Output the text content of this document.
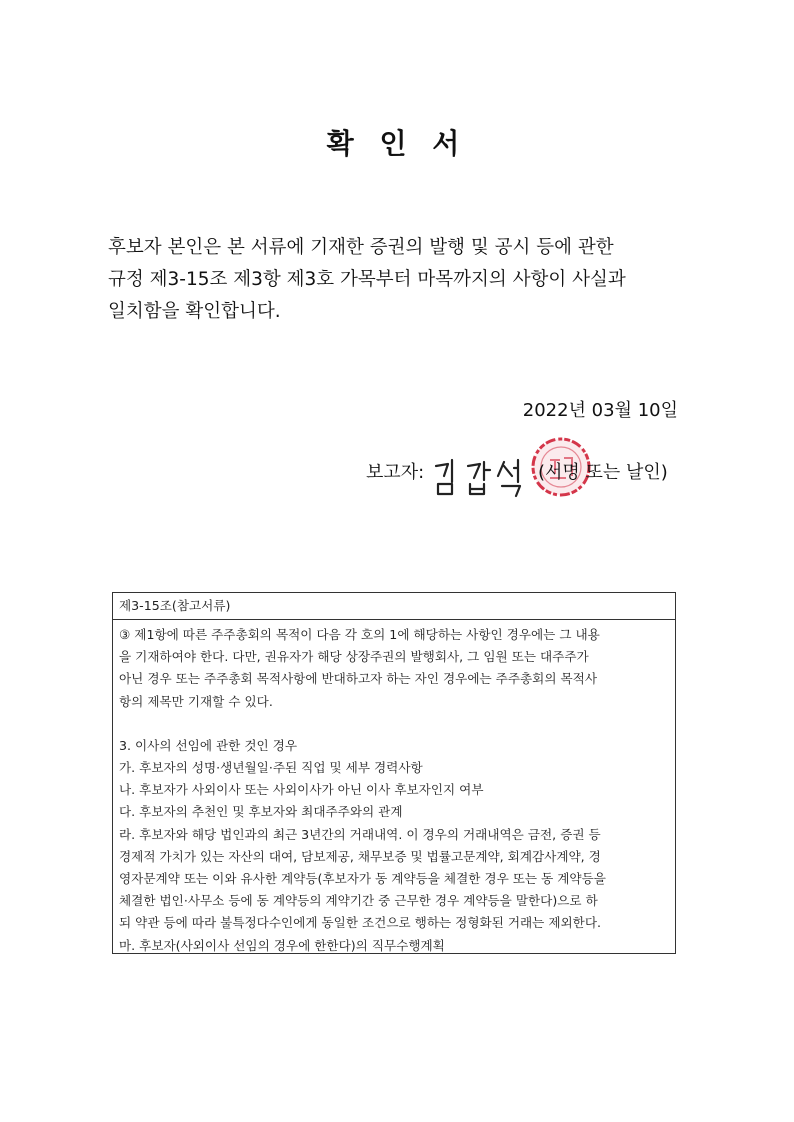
확 인 서
후보자 본인은 본 서류에 기재한 증권의 발행 및 공시 등에 관한
규정 제3-15조 제3항 제3호 가목부터 마목까지의 사항이 사실과
일치함을 확인합니다.
2022년 03월 10일
보고자:	(서명 또는 날인)
제3-15조(참고서류)
③ 제1항에 따른 주주총회의 목적이 다음 각 호의 1에 해당하는 사항인 경우에는 그 내용
을 기재하여야 한다. 다만, 권유자가 해당 상장주권의 발행회사, 그 임원 또는 대주주가
아닌 경우 또는 주주총회 목적사항에 반대하고자 하는 자인 경우에는 주주총회의 목적사
항의 제목만 기재할 수 있다.
3. 이사의 선임에 관한 것인 경우
가. 후보자의 성명·생년월일·주된 직업 및 세부 경력사항
나. 후보자가 사외이사 또는 사외이사가 아닌 이사 후보자인지 여부
다. 후보자의 추천인 및 후보자와 최대주주와의 관계
라. 후보자와 해당 법인과의 최근 3년간의 거래내역. 이 경우의 거래내역은 금전, 증권 등
경제적 가치가 있는 자산의 대여, 담보제공, 채무보증 및 법률고문계약, 회계감사계약, 경
영자문계약 또는 이와 유사한 계약등(후보자가 동 계약등을 체결한 경우 또는 동 계약등을
체결한 법인·사무소 등에 동 계약등의 계약기간 중 근무한 경우 계약등을 말한다)으로 하
되 약관 등에 따라 불특정다수인에게 동일한 조건으로 행하는 정형화된 거래는 제외한다.
마. 후보자(사외이사 선임의 경우에 한한다)의 직무수행계획
